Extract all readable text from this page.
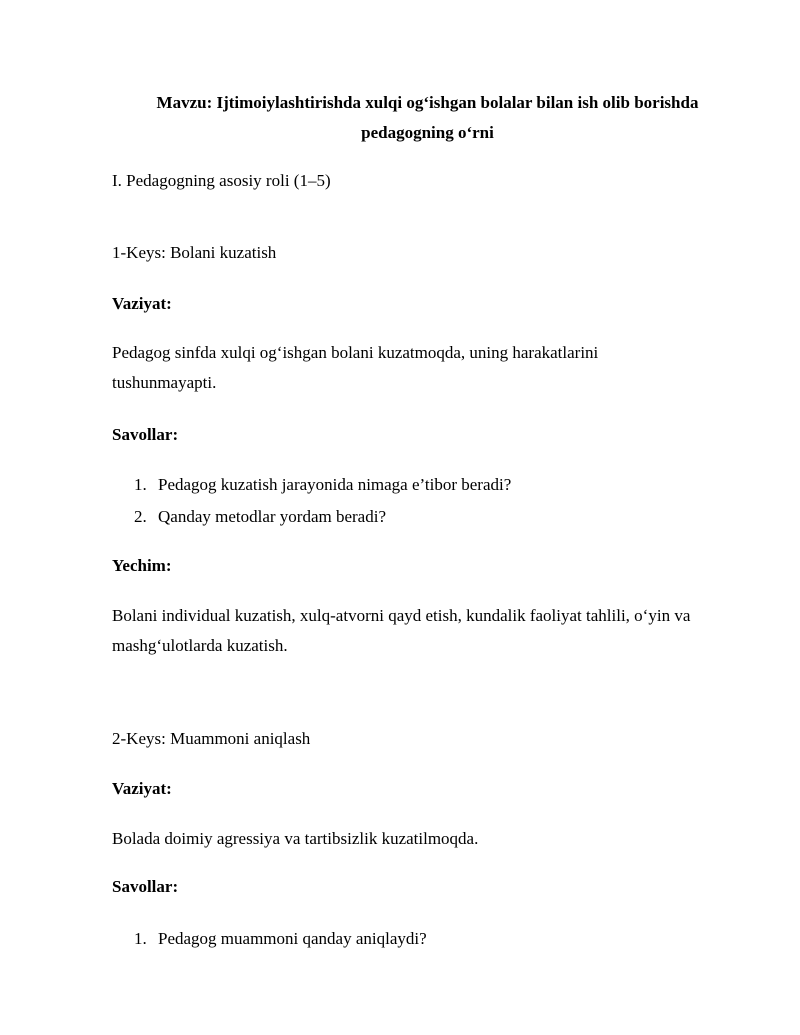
Mavzu: Ijtimoiylashtirishda xulqi og‘ishgan bolalar bilan ish olib borishda
pedagogning o‘rni

I. Pedagogning asosiy roli (1–5)

1-Keys: Bolani kuzatish

Vaziyat:

Pedagog sinfda xulqi og‘ishgan bolani kuzatmoqda, uning harakatlarini
tushunmayapti.

Savollar:

1. Pedagog kuzatish jarayonida nimaga e’tibor beradi?

2. Qanday metodlar yordam beradi?

Yechim:

Bolani individual kuzatish, xulq-atvorni qayd etish, kundalik faoliyat tahlili, o‘yin va
mashg‘ulotlarda kuzatish.

2-Keys: Muammoni aniqlash

Vaziyat:

Bolada doimiy agressiya va tartibsizlik kuzatilmoqda.

Savollar:

1. Pedagog muammoni qanday aniqlaydi?
